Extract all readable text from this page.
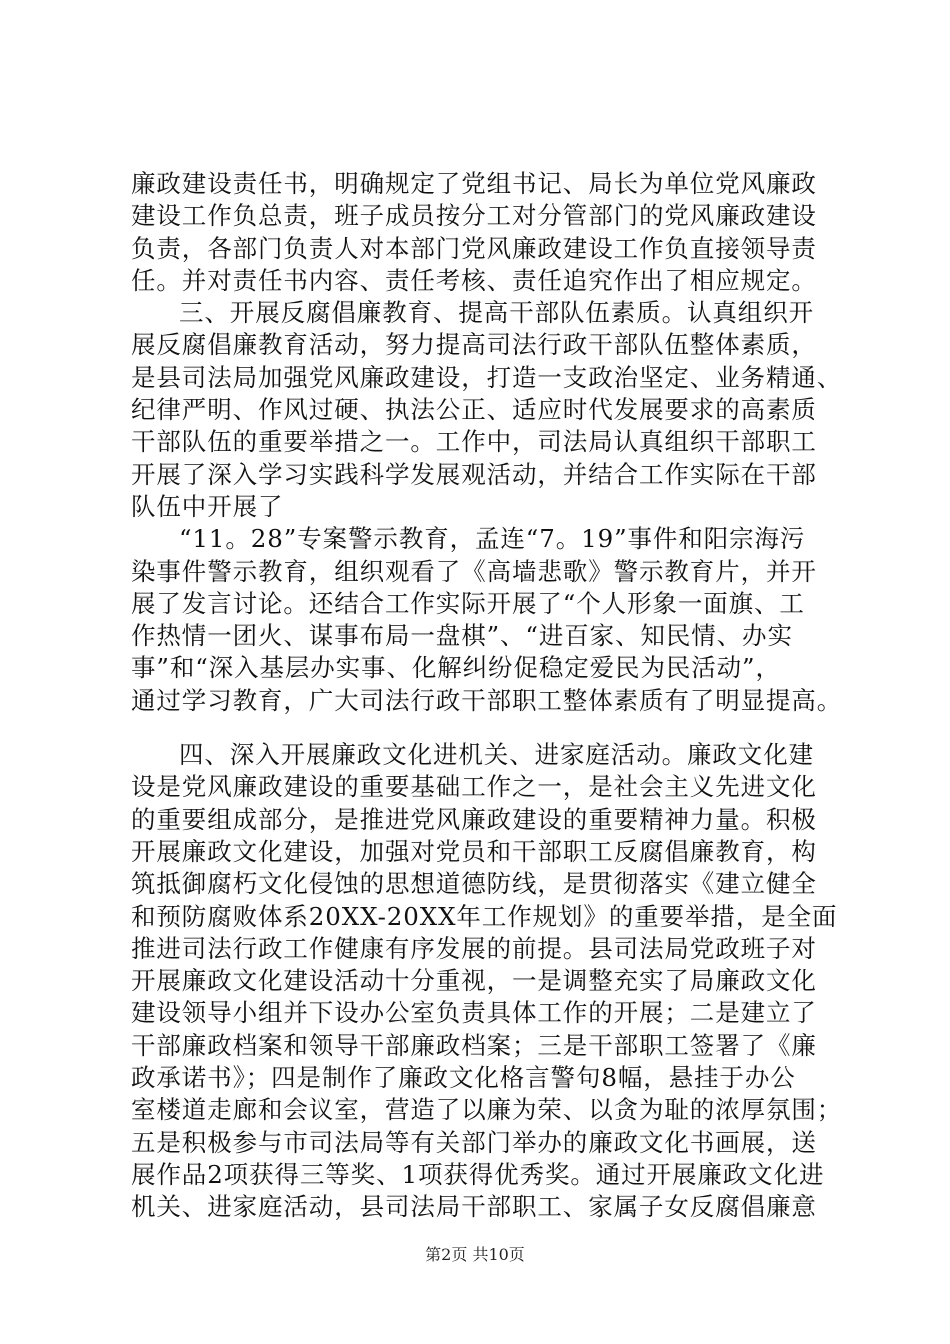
廉政建设责任书，明确规定了党组书记、局长为单位党风廉政
建设工作负总责，班子成员按分工对分管部门的党风廉政建设
负责，各部门负责人对本部门党风廉政建设工作负直接领导责
任。并对责任书内容、责任考核、责任追究作出了相应规定。
三、开展反腐倡廉教育、提高干部队伍素质。认真组织开
展反腐倡廉教育活动，努力提高司法行政干部队伍整体素质，
是县司法局加强党风廉政建设，打造一支政治坚定、业务精通、
纪律严明、作风过硬、执法公正、适应时代发展要求的高素质
干部队伍的重要举措之一。工作中，司法局认真组织干部职工
开展了深入学习实践科学发展观活动，并结合工作实际在干部
队伍中开展了
“11。28”专案警示教育，孟连“7。19”事件和阳宗海污
染事件警示教育，组织观看了《高墙悲歌》警示教育片，并开
展了发言讨论。还结合工作实际开展了“个人形象一面旗、工
作热情一团火、谋事布局一盘棋”、“进百家、知民情、办实
事”和“深入基层办实事、化解纠纷促稳定爱民为民活动”，
通过学习教育，广大司法行政干部职工整体素质有了明显提高。
四、深入开展廉政文化进机关、进家庭活动。廉政文化建
设是党风廉政建设的重要基础工作之一，是社会主义先进文化
的重要组成部分，是推进党风廉政建设的重要精神力量。积极
开展廉政文化建设，加强对党员和干部职工反腐倡廉教育，构
筑抵御腐朽文化侵蚀的思想道德防线，是贯彻落实《建立健全
和预防腐败体系20XX-20XX年工作规划》的重要举措，是全面
推进司法行政工作健康有序发展的前提。县司法局党政班子对
开展廉政文化建设活动十分重视，一是调整充实了局廉政文化
建设领导小组并下设办公室负责具体工作的开展；二是建立了
干部廉政档案和领导干部廉政档案；三是干部职工签署了《廉
政承诺书》；四是制作了廉政文化格言警句8幅，悬挂于办公
室楼道走廊和会议室，营造了以廉为荣、以贪为耻的浓厚氛围；
五是积极参与市司法局等有关部门举办的廉政文化书画展，送
展作品2项获得三等奖、1项获得优秀奖。通过开展廉政文化进
机关、进家庭活动，县司法局干部职工、家属子女反腐倡廉意
第2页 共10页
